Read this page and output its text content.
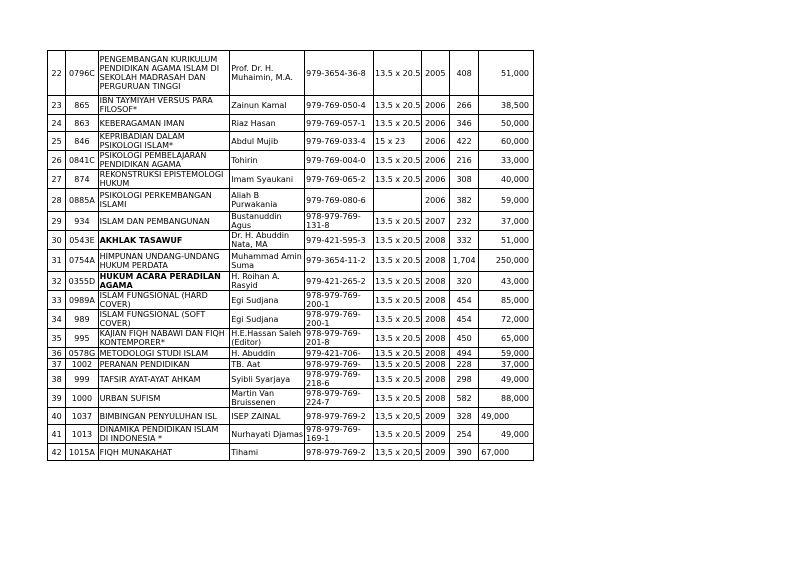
22	0796C	PENGEMBANGAN KURIKULUM PENDIDIKAN AGAMA ISLAM DI SEKOLAH MADRASAH DAN PERGURUAN TINGGI	Prof. Dr. H. Muhaimin, M.A.	979-3654-36-8	13.5 x 20.5	2005	408	51,000
23	865	IBN TAYMIYAH VERSUS PARA FILOSOF*	Zainun Kamal	979-769-050-4	13.5 x 20.5	2006	266	38,500
24	863	KEBERAGAMAN IMAN	Riaz Hasan	979-769-057-1	13.5 x 20.5	2006	346	50,000
25	846	KEPRIBADIAN DALAM PSIKOLOGI ISLAM*	Abdul Mujib	979-769-033-4	15 x 23	2006	422	60,000
26	0841C	PSIKOLOGI PEMBELAJARAN PENDIDIKAN AGAMA	Tohirin	979-769-004-0	13.5 x 20.5	2006	216	33,000
27	874	REKONSTRUKSI EPISTEMOLOGI HUKUM	Imam Syaukani	979-769-065-2	13.5 x 20.5	2006	308	40,000
28	0885A	PSIKOLOGI PERKEMBANGAN ISLAMI	Aliah B Purwakania	979-769-080-6		2006	382	59,000
29	934	ISLAM DAN PEMBANGUNAN	Bustanuddin Agus	978-979-769-131-8	13.5 x 20.5	2007	232	37,000
30	0543E	AKHLAK TASAWUF	Dr. H. Abuddin Nata, MA	979-421-595-3	13.5 x 20.5	2008	332	51,000
31	0754A	HIMPUNAN UNDANG-UNDANG HUKUM PERDATA	Muhammad Amin Suma	979-3654-11-2	13.5 x 20.5	2008	1,704	250,000
32	0355D	HUKUM ACARA PERADILAN AGAMA	H. Roihan A. Rasyid	979-421-265-2	13.5 x 20.5	2008	320	43,000
33	0989A	ISLAM FUNGSIONAL (HARD COVER)	Egi Sudjana	978-979-769-200-1	13.5 x 20.5	2008	454	85,000
34	989	ISLAM FUNGSIONAL (SOFT COVER)	Egi Sudjana	978-979-769-200-1	13.5 x 20.5	2008	454	72,000
35	995	KAJIAN FIQH NABAWI DAN FIQH KONTEMPORER*	H.E.Hassan Saleh (Editor)	978-979-769-201-8	13.5 x 20.5	2008	450	65,000
36	0578G	METODOLOGI STUDI ISLAM	H. Abuddin	979-421-706-	13.5 x 20.5	2008	494	59,000
37	1002	PERANAN PENDIDIKAN	TB. Aat	978-979-769-	13.5 x 20.5	2008	228	37,000
38	999	TAFSIR AYAT-AYAT AHKAM	Syibli Syarjaya	978-979-769-218-6	13.5 x 20.5	2008	298	49,000
39	1000	URBAN SUFISM	Martin Van Bruissenen	978-979-769-224-7	13.5 x 20.5	2008	582	88,000
40	1037	BIMBINGAN PENYULUHAN ISL	ISEP ZAINAL	978-979-769-2	13,5 x 20,5	2009	328	49,000
41	1013	DINAMIKA PENDIDIKAN ISLAM DI INDONESIA *	Nurhayati Djamas	978-979-769-169-1	13.5 x 20.5	2009	254	49,000
42	1015A	FIQH MUNAKAHAT	Tihami	978-979-769-2	13,5 x 20,5	2009	390	67,000
